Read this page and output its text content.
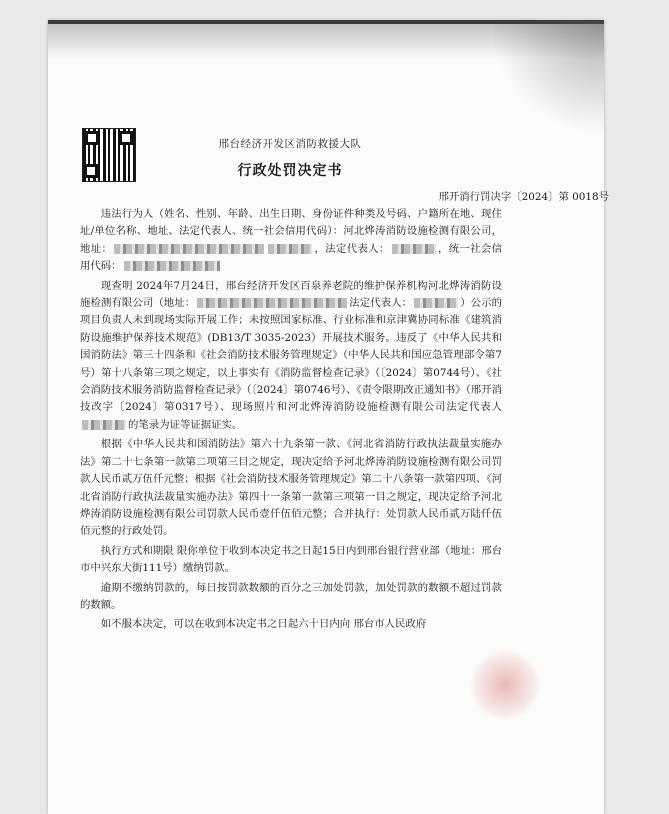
邢台经济开发区消防救援大队
行政处罚决定书
邢开消行罚决字〔2024〕第 0018号

违法行为人（姓名、性别、年龄、出生日期、身份证件种类及号码、户籍所在地、现住址/单位名称、地址、法定代表人、统一社会信用代码）：河北烨涛消防设施检测有限公司，地址：	，法定代表人：	，统一社会信用代码：

现查明 2024年7月24日，邢台经济开发区百泉养老院的维护保养机构河北烨涛消防设施检测有限公司（地址：	法定代表人：	）公示的项目负责人未到现场实际开展工作；未按照国家标准、行业标准和京津冀协同标准《建筑消防设施维护保养技术规范》(DB13/T 3035-2023）开展技术服务。违反了《中华人民共和国消防法》第三十四条和《社会消防技术服务管理规定》（中华人民共和国应急管理部令第7号）第十八条第三项之规定，以上事实有《消防监督检查记录》（〔2024〕第0744号）、《社会消防技术服务消防监督检查记录》（〔2024〕第0746号）、《责令限期改正通知书》（邢开消技改字〔2024〕第0317号）、现场照片和河北烨涛消防设施检测有限公司法定代表人的笔录为证等证据证实。

根据《中华人民共和国消防法》第六十九条第一款、《河北省消防行政执法裁量实施办法》第二十七条第一款第二项第三目之规定，现决定给予河北烨涛消防设施检测有限公司罚款人民币贰万伍仟元整；根据《社会消防技术服务管理规定》第二十八条第一款第四项、《河北省消防行政执法裁量实施办法》第四十一条第一款第三项第一目之规定，现决定给予河北烨涛消防设施检测有限公司罚款人民币壹仟伍佰元整；合并执行：处罚款人民币贰万陆仟伍佰元整的行政处罚。

执行方式和期限 限你单位于收到本决定书之日起15日内到邢台银行营业部（地址：邢台市中兴东大街111号）缴纳罚款。

逾期不缴纳罚款的，每日按罚款数额的百分之三加处罚款，加处罚款的数额不超过罚款的数额。

如不服本决定，可以在收到本决定书之日起六十日内向 邢台市人民政府
